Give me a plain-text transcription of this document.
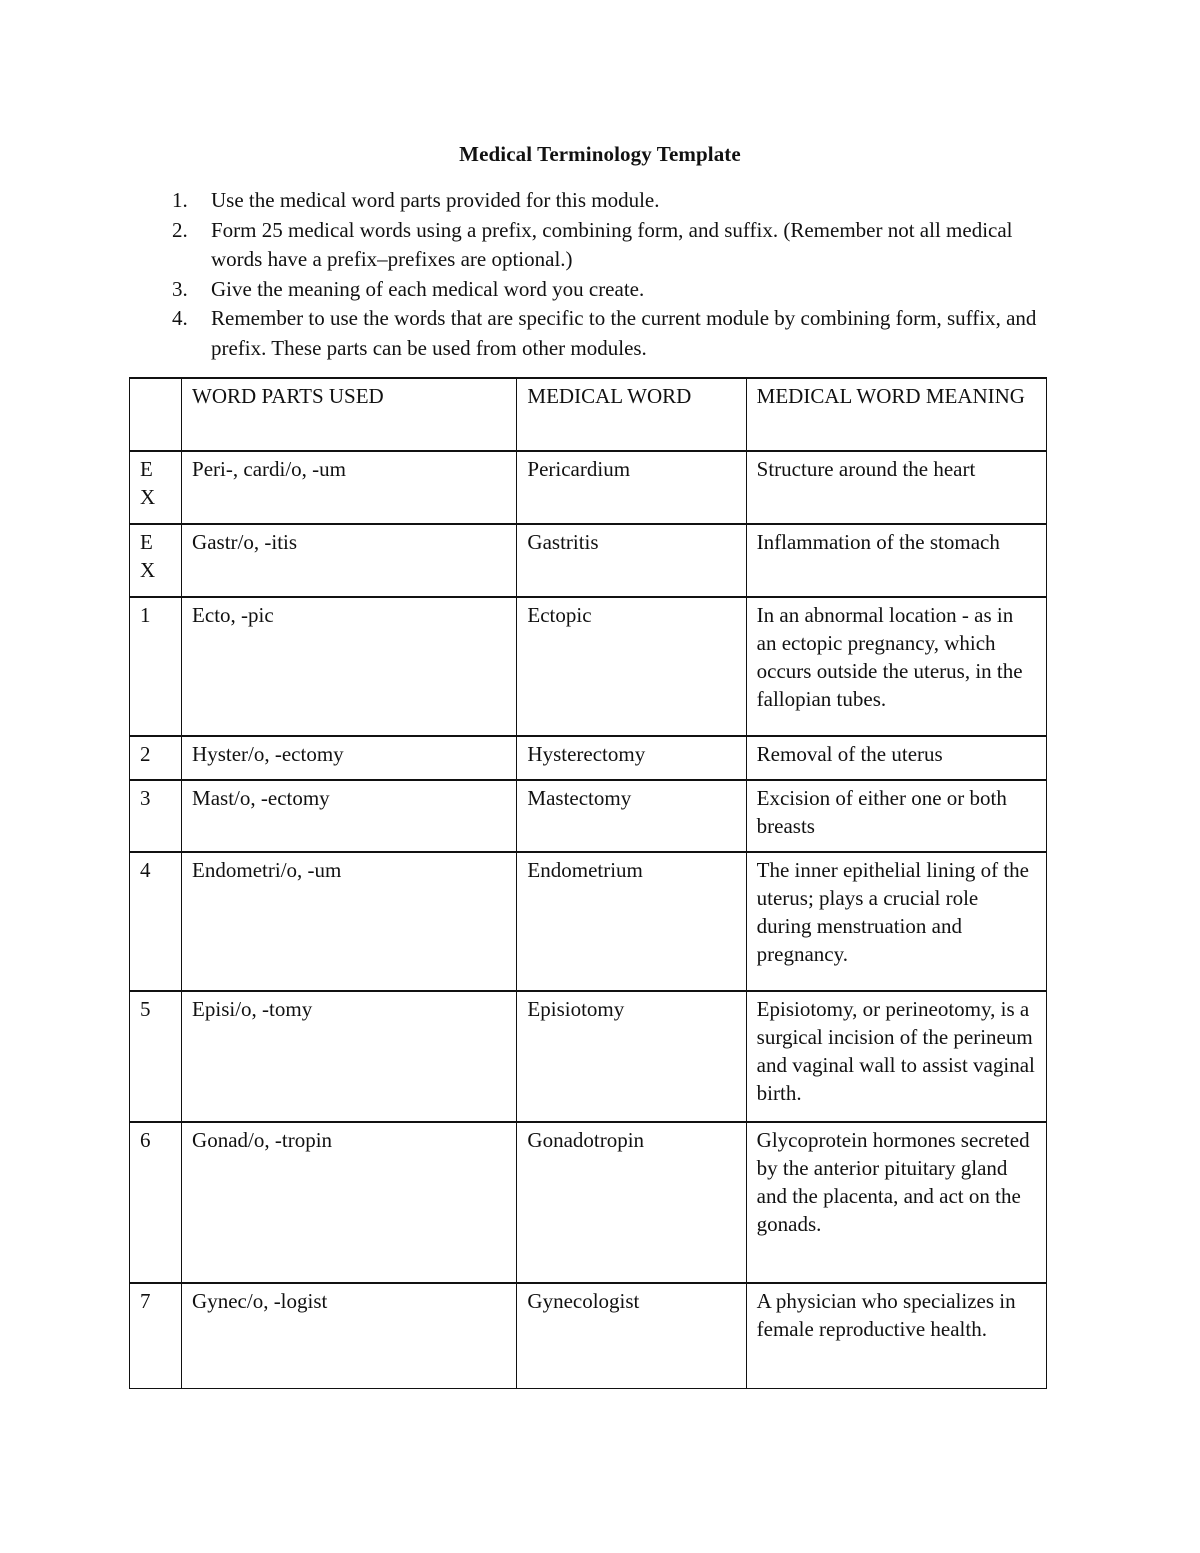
Medical Terminology Template
1. Use the medical word parts provided for this module.
2. Form 25 medical words using a prefix, combining form, and suffix. (Remember not all medical words have a prefix–prefixes are optional.)
3. Give the meaning of each medical word you create.
4. Remember to use the words that are specific to the current module by combining form, suffix, and prefix. These parts can be used from other modules.
	WORD PARTS USED	MEDICAL WORD	MEDICAL WORD MEANING
E X	Peri-, cardi/o, -um	Pericardium	Structure around the heart
E X	Gastr/o, -itis	Gastritis	Inflammation of the stomach
1	Ecto, -pic	Ectopic	In an abnormal location - as in an ectopic pregnancy, which occurs outside the uterus, in the fallopian tubes.
2	Hyster/o, -ectomy	Hysterectomy	Removal of the uterus
3	Mast/o, -ectomy	Mastectomy	Excision of either one or both breasts
4	Endometri/o, -um	Endometrium	The inner epithelial lining of the uterus; plays a crucial role during menstruation and pregnancy.
5	Episi/o, -tomy	Episiotomy	Episiotomy, or perineotomy, is a surgical incision of the perineum and vaginal wall to assist vaginal birth.
6	Gonad/o, -tropin	Gonadotropin	Glycoprotein hormones secreted by the anterior pituitary gland and the placenta, and act on the gonads.
7	Gynec/o, -logist	Gynecologist	A physician who specializes in female reproductive health.
